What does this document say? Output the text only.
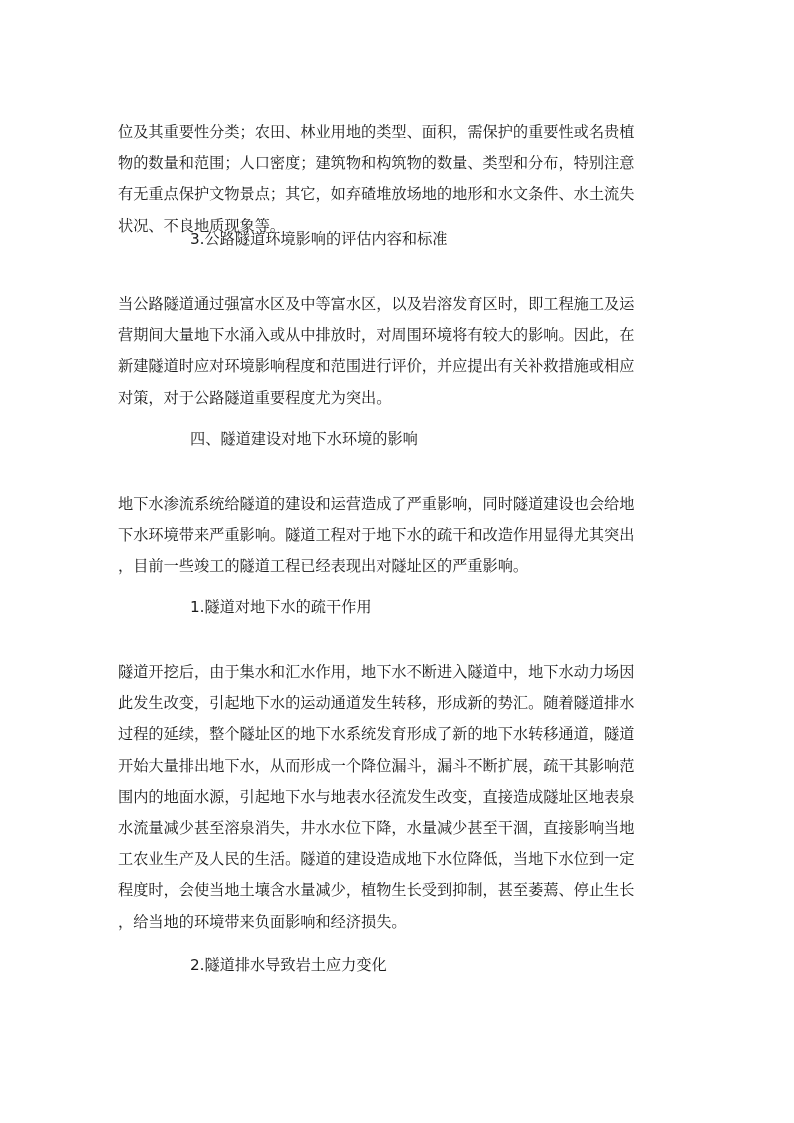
位及其重要性分类；农田、林业用地的类型、面积，需保护的重要性或名贵植
物的数量和范围；人口密度；建筑物和构筑物的数量、类型和分布，特别注意
有无重点保护文物景点；其它，如弃碴堆放场地的地形和水文条件、水土流失
状况、不良地质现象等。
3.公路隧道环境影响的评估内容和标准
当公路隧道通过强富水区及中等富水区，以及岩溶发育区时，即工程施工及运
营期间大量地下水涌入或从中排放时，对周围环境将有较大的影响。因此，在
新建隧道时应对环境影响程度和范围进行评价，并应提出有关补救措施或相应
对策，对于公路隧道重要程度尤为突出。
四、隧道建设对地下水环境的影响
地下水渗流系统给隧道的建设和运营造成了严重影响，同时隧道建设也会给地
下水环境带来严重影响。隧道工程对于地下水的疏干和改造作用显得尤其突出
，目前一些竣工的隧道工程已经表现出对隧址区的严重影响。
1.隧道对地下水的疏干作用
隧道开挖后，由于集水和汇水作用，地下水不断进入隧道中，地下水动力场因
此发生改变，引起地下水的运动通道发生转移，形成新的势汇。随着隧道排水
过程的延续，整个隧址区的地下水系统发育形成了新的地下水转移通道，隧道
开始大量排出地下水，从而形成一个降位漏斗，漏斗不断扩展，疏干其影响范
围内的地面水源，引起地下水与地表水径流发生改变，直接造成隧址区地表泉
水流量减少甚至溶泉消失，井水水位下降，水量减少甚至干涸，直接影响当地
工农业生产及人民的生活。隧道的建设造成地下水位降低，当地下水位到一定
程度时，会使当地土壤含水量减少，植物生长受到抑制，甚至萎蔫、停止生长
，给当地的环境带来负面影响和经济损失。
2.隧道排水导致岩土应力变化
